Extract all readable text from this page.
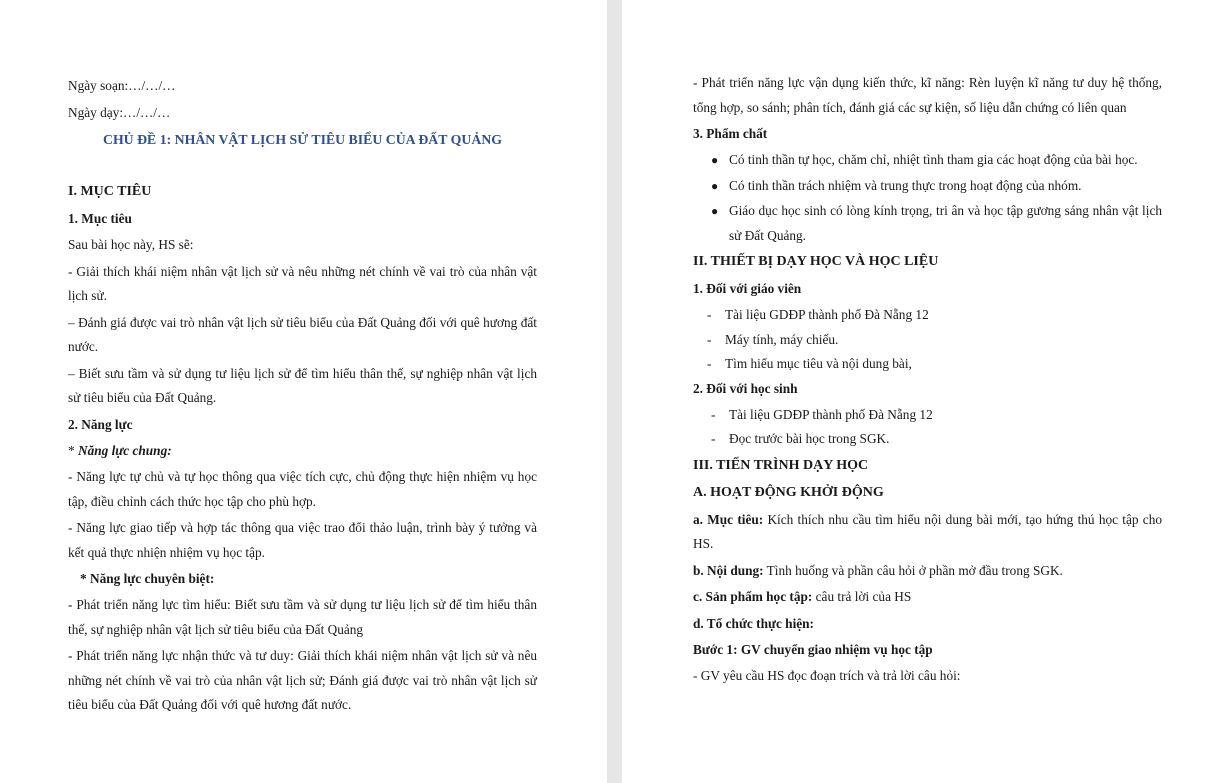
Ngày soạn:…/…/…

Ngày dạy:…/…/…

CHỦ ĐỀ 1: NHÂN VẬT LỊCH SỬ TIÊU BIỂU CỦA ĐẤT QUẢNG

I. MỤC TIÊU

1. Mục tiêu

Sau bài học này, HS sẽ:

- Giải thích khái niệm nhân vật lịch sử và nêu những nét chính về vai trò của nhân vật lịch sử.

– Đánh giá được vai trò nhân vật lịch sử tiêu biểu của Đất Quảng đối với quê hương đất nước.

– Biết sưu tầm và sử dụng tư liệu lịch sử để tìm hiểu thân thế, sự nghiệp nhân vật lịch sử tiêu biểu của Đất Quảng.

2. Năng lực

* Năng lực chung:

- Năng lực tự chủ và tự học thông qua việc tích cực, chủ động thực hiện nhiệm vụ học tập, điều chỉnh cách thức học tập cho phù hợp.

- Năng lực giao tiếp và hợp tác thông qua việc trao đổi thảo luận, trình bày ý tưởng và kết quả thực nhiện nhiệm vụ học tập.

* Năng lực chuyên biệt:

- Phát triển năng lực tìm hiểu: Biết sưu tầm và sử dụng tư liệu lịch sử để tìm hiểu thân thế, sự nghiệp nhân vật lịch sử tiêu biểu của Đất Quảng

- Phát triển năng lực nhận thức và tư duy: Giải thích khái niệm nhân vật lịch sử và nêu những nét chính về vai trò của nhân vật lịch sử; Đánh giá được vai trò nhân vật lịch sử tiêu biểu của Đất Quảng đối với quê hương đất nước.

- Phát triển năng lực vận dụng kiến thức, kĩ năng: Rèn luyện kĩ năng tư duy hệ thống, tổng hợp, so sánh; phân tích, đánh giá các sự kiện, số liệu dẫn chứng có liên quan

3. Phẩm chất

● Có tinh thần tự học, chăm chỉ, nhiệt tình tham gia các hoạt động của bài học.
● Có tinh thần trách nhiệm và trung thực trong hoạt động của nhóm.
● Giáo dục học sinh có lòng kính trọng, tri ân và học tập gương sáng nhân vật lịch sử Đất Quảng.

II. THIẾT BỊ DẠY HỌC VÀ HỌC LIỆU

1. Đối với giáo viên

- Tài liệu GDĐP thành phố Đà Nẵng 12
- Máy tính, máy chiếu.
- Tìm hiểu mục tiêu và nội dung bài,

2. Đối với học sinh

- Tài liệu GDĐP thành phố Đà Nẵng 12
- Đọc trước bài học trong SGK.

III. TIẾN TRÌNH DẠY HỌC

A. HOẠT ĐỘNG KHỞI ĐỘNG

a. Mục tiêu: Kích thích nhu cầu tìm hiểu nội dung bài mới, tạo hứng thú học tập cho HS.

b. Nội dung: Tình huống và phần câu hỏi ở phần mở đầu trong SGK.

c. Sản phẩm học tập: câu trả lời của HS

d. Tổ chức thực hiện:

Bước 1: GV chuyển giao nhiệm vụ học tập

- GV yêu cầu HS đọc đoạn trích và trả lời câu hỏi:
